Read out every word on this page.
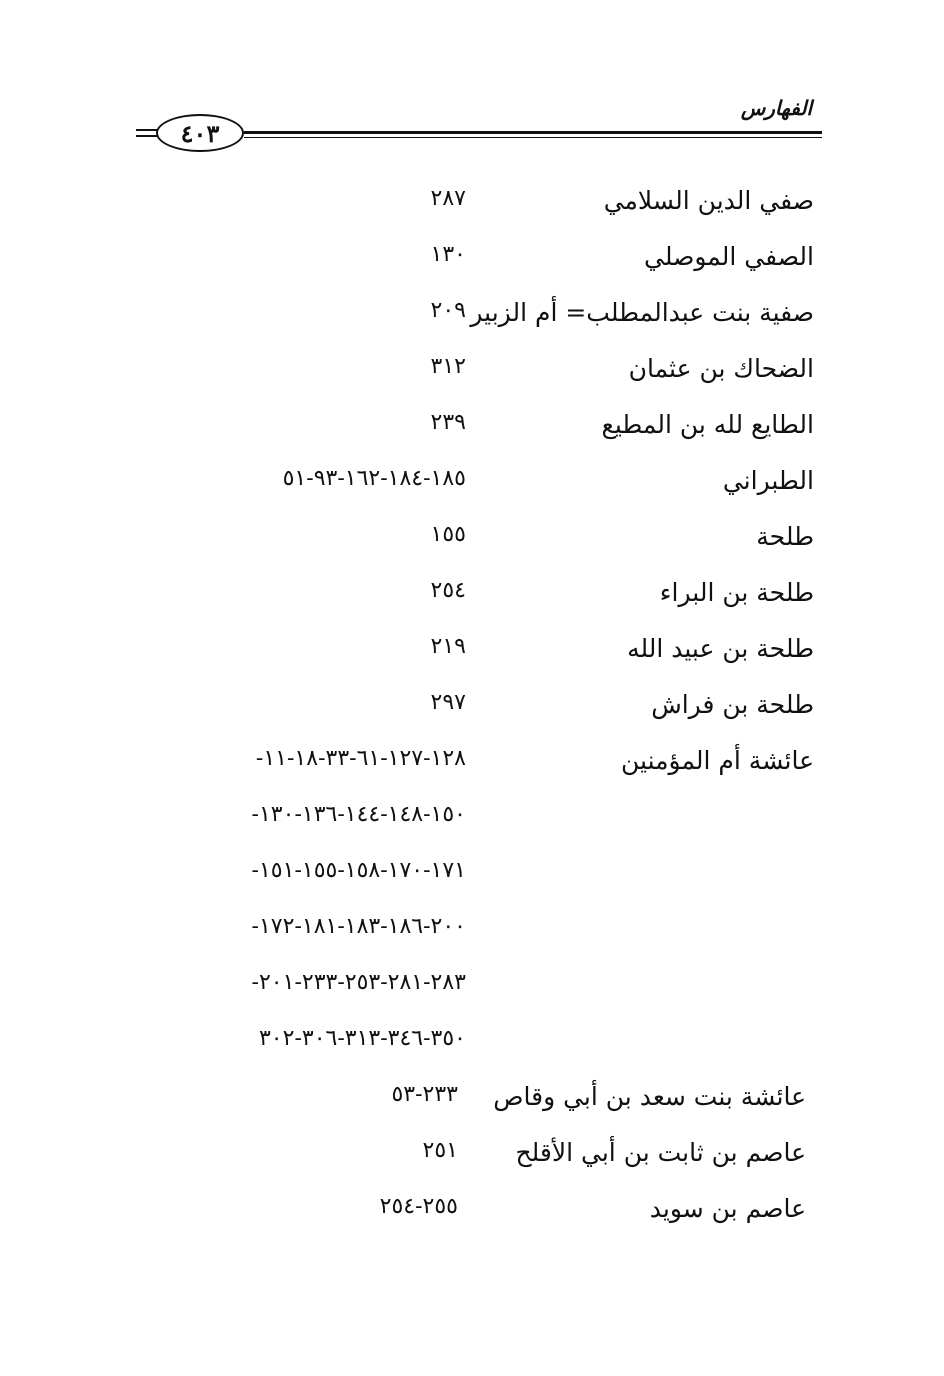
الفهارس
٤٠٣
صفي الدين السلامي
٢٨٧
الصفي الموصلي
١٣٠
صفية بنت عبدالمطلب= أم الزبير
٢٠٩
الضحاك بن عثمان
٣١٢
الطايع لله بن المطيع
٢٣٩
الطبراني
١٨٥-١٨٤-١٦٢-٩٣-٥١
طلحة
١٥٥
طلحة بن البراء
٢٥٤
طلحة بن عبيد الله
٢١٩
طلحة بن فراش
٢٩٧
عائشة أم المؤمنين
١٢٨-١٢٧-٦١-٣٣-١٨-١١-
١٥٠-١٤٨-١٤٤-١٣٦-١٣٠-
١٧١-١٧٠-١٥٨-١٥٥-١٥١-
٢٠٠-١٨٦-١٨٣-١٨١-١٧٢-
٢٨٣-٢٨١-٢٥٣-٢٣٣-٢٠١-
٣٥٠-٣٤٦-٣١٣-٣٠٦-٣٠٢
عائشة بنت سعد بن أبي وقاص
٢٣٣-٥٣
عاصم بن ثابت بن أبي الأقلح
٢٥١
عاصم بن سويد
٢٥٥-٢٥٤
